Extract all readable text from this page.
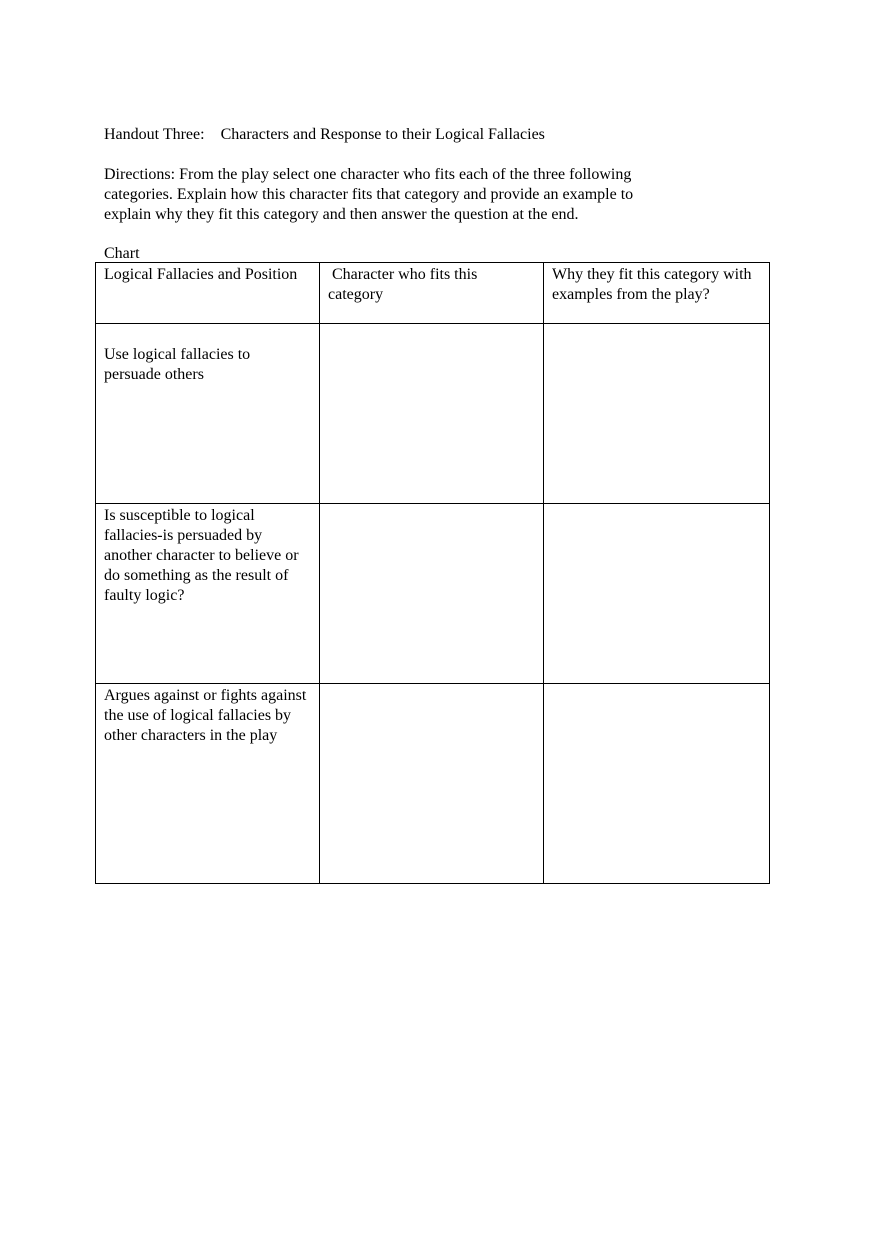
Handout Three:    Characters and Response to their Logical Fallacies
Directions: From the play select one character who fits each of the three following
categories. Explain how this character fits that category and provide an example to
explain why they fit this category and then answer the question at the end.
Chart
Logical Fallacies and Position	Character who fits this category	Why they fit this category with examples from the play?
Use logical fallacies to persuade others		
Is susceptible to logical fallacies-is persuaded by another character to believe or do something as the result of faulty logic?		
Argues against or fights against the use of logical fallacies by other characters in the play		
